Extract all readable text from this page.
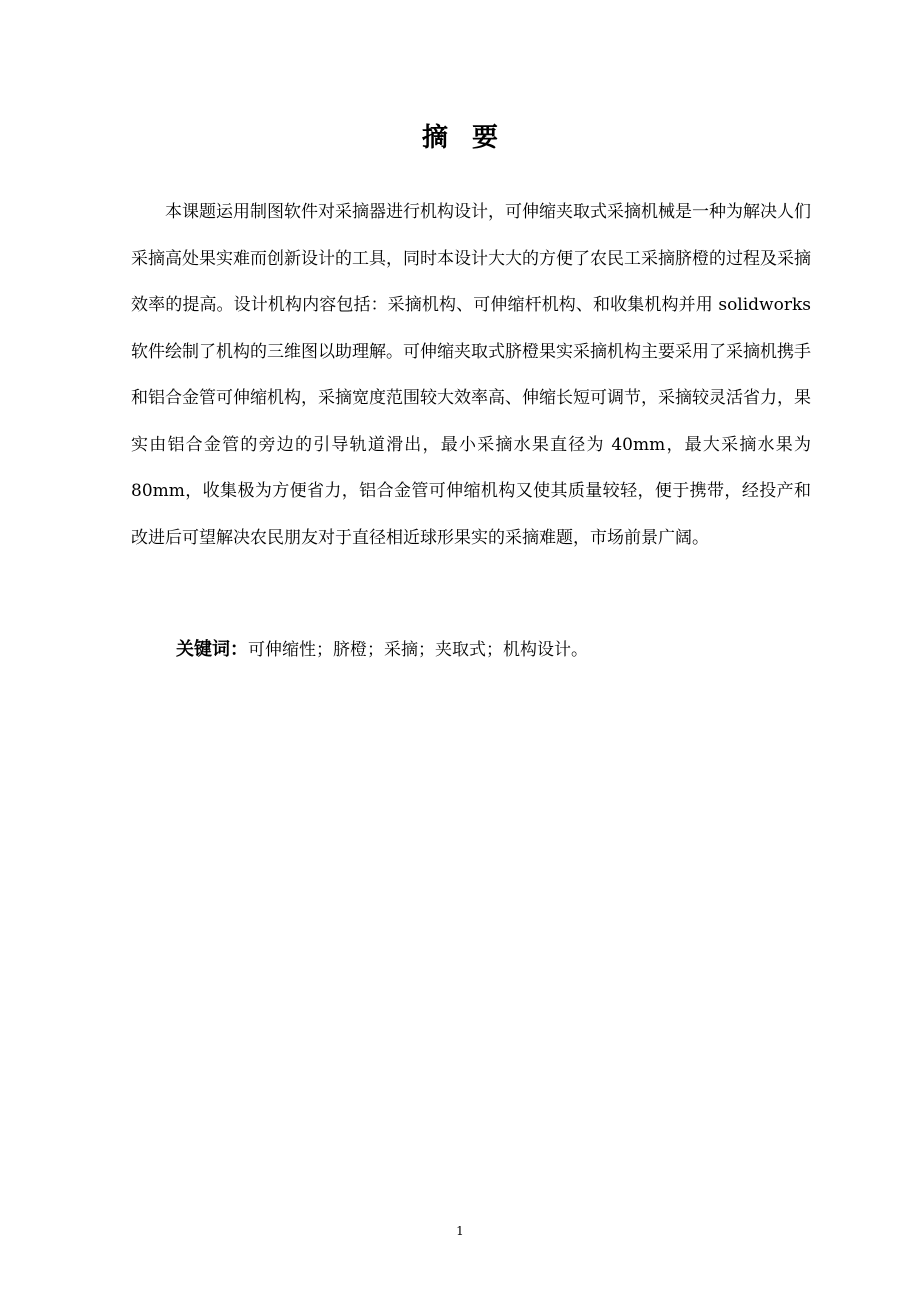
摘要

本课题运用制图软件对采摘器进行机构设计，可伸缩夹取式采摘机械是一种为解决人们采摘高处果实难而创新设计的工具，同时本设计大大的方便了农民工采摘脐橙的过程及采摘效率的提高。设计机构内容包括：采摘机构、可伸缩杆机构、和收集机构并用 solidworks 软件绘制了机构的三维图以助理解。可伸缩夹取式脐橙果实采摘机构主要采用了采摘机携手和铝合金管可伸缩机构，采摘宽度范围较大效率高、伸缩长短可调节，采摘较灵活省力，果实由铝合金管的旁边的引导轨道滑出，最小采摘水果直径为 40mm，最大采摘水果为 80mm，收集极为方便省力，铝合金管可伸缩机构又使其质量较轻，便于携带，经投产和改进后可望解决农民朋友对于直径相近球形果实的采摘难题，市场前景广阔。

关键词：可伸缩性；脐橙；采摘；夹取式；机构设计。

1
